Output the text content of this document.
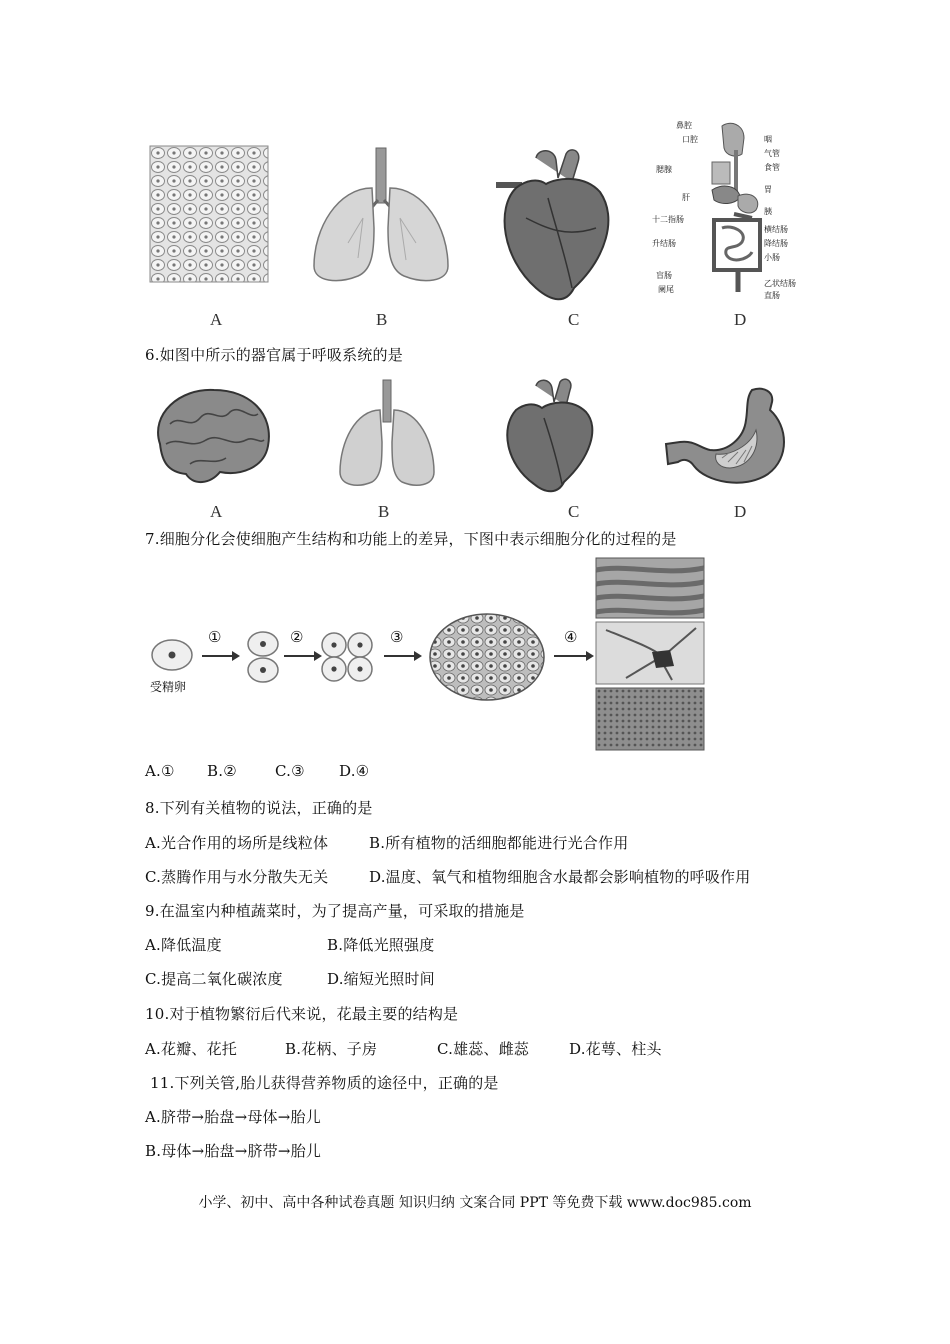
A	B	C
鼻腔
口腔	咽
气管
食管
肝
胃
胰
腮腺
十二指肠
横结肠
升结肠	降结肠
小肠
盲肠
阑尾
乙状结肠
直肠
D
6.如图中所示的器官属于呼吸系统的是
A	B	C	D
7.细胞分化会使细胞产生结构和功能上的差异，下图中表示细胞分化的过程的是
受精卵
①	②	③	④
A.① B.②	C.③ D.④
8.下列有关植物的说法，正确的是
A.光合作用的场所是线粒体	B.所有植物的活细胞都能进行光合作用
C.蒸腾作用与水分散失无关	D.温度、氧气和植物细胞含水最都会影响植物的呼吸作用
9.在温室内种植蔬菜时，为了提高产量，可采取的措施是
A.降低温度	B.降低光照强度
C.提高二氧化碳浓度	D.缩短光照时间
10.对于植物繁衍后代来说，花最主要的结构是
A.花瓣、花托	B.花柄、子房	C.雄蕊、雌蕊	D.花萼、柱头
11.下列关管,胎儿获得营养物质的途径中，正确的是
A.脐带→胎盘→母体→胎儿
B.母体→胎盘→脐带→胎儿
小学、初中、高中各种试卷真题 知识归纳 文案合同 PPT 等免费下载 www.doc985.com
